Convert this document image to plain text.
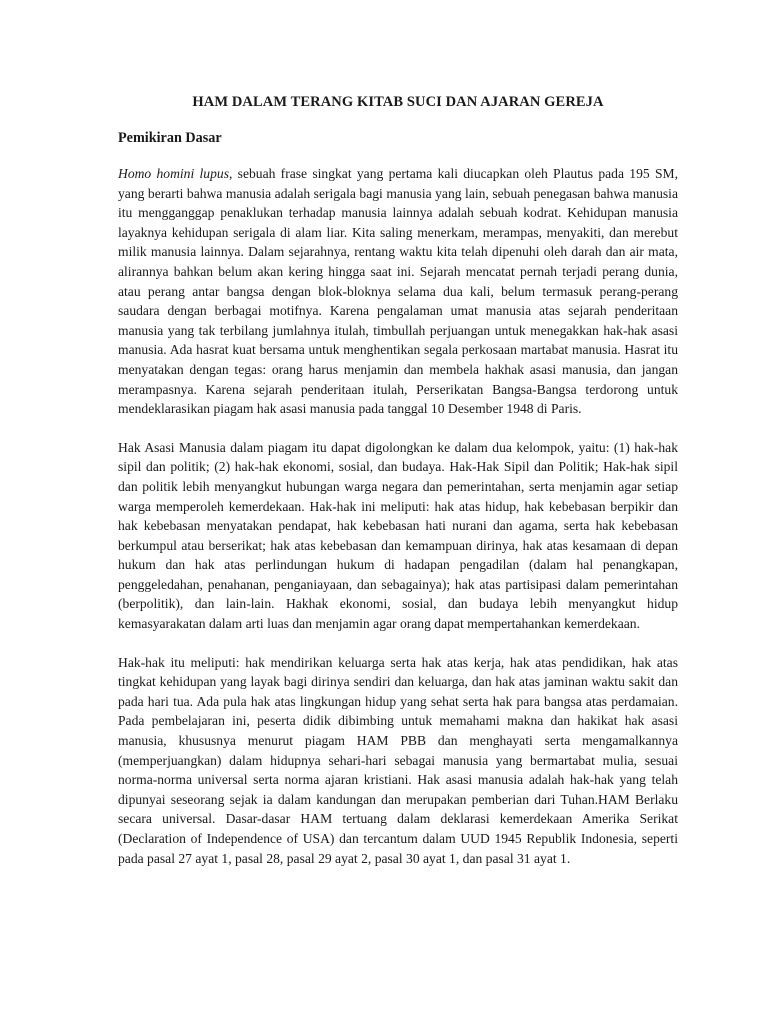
HAM DALAM TERANG KITAB SUCI DAN AJARAN GEREJA
Pemikiran Dasar

Homo homini lupus, sebuah frase singkat yang pertama kali diucapkan oleh Plautus pada 195 SM, yang berarti bahwa manusia adalah serigala bagi manusia yang lain, sebuah penegasan bahwa manusia itu mengganggap penaklukan terhadap manusia lainnya adalah sebuah kodrat. Kehidupan manusia layaknya kehidupan serigala di alam liar. Kita saling menerkam, merampas, menyakiti, dan merebut milik manusia lainnya. Dalam sejarahnya, rentang waktu kita telah dipenuhi oleh darah dan air mata, alirannya bahkan belum akan kering hingga saat ini. Sejarah mencatat pernah terjadi perang dunia, atau perang antar bangsa dengan blok-bloknya selama dua kali, belum termasuk perang-perang saudara dengan berbagai motifnya. Karena pengalaman umat manusia atas sejarah penderitaan manusia yang tak terbilang jumlahnya itulah, timbullah perjuangan untuk menegakkan hak-hak asasi manusia. Ada hasrat kuat bersama untuk menghentikan segala perkosaan martabat manusia. Hasrat itu menyatakan dengan tegas: orang harus menjamin dan membela hakhak asasi manusia, dan jangan merampasnya. Karena sejarah penderitaan itulah, Perserikatan Bangsa-Bangsa terdorong untuk mendeklarasikan piagam hak asasi manusia pada tanggal 10 Desember 1948 di Paris.

Hak Asasi Manusia dalam piagam itu dapat digolongkan ke dalam dua kelompok, yaitu: (1) hak-hak sipil dan politik; (2) hak-hak ekonomi, sosial, dan budaya. Hak-Hak Sipil dan Politik; Hak-hak sipil dan politik lebih menyangkut hubungan warga negara dan pemerintahan, serta menjamin agar setiap warga memperoleh kemerdekaan. Hak-hak ini meliputi: hak atas hidup, hak kebebasan berpikir dan hak kebebasan menyatakan pendapat, hak kebebasan hati nurani dan agama, serta hak kebebasan berkumpul atau berserikat; hak atas kebebasan dan kemampuan dirinya, hak atas kesamaan di depan hukum dan hak atas perlindungan hukum di hadapan pengadilan (dalam hal penangkapan, penggeledahan, penahanan, penganiayaan, dan sebagainya); hak atas partisipasi dalam pemerintahan (berpolitik), dan lain-lain. Hakhak ekonomi, sosial, dan budaya lebih menyangkut hidup kemasyarakatan dalam arti luas dan menjamin agar orang dapat mempertahankan kemerdekaan.

Hak-hak itu meliputi: hak mendirikan keluarga serta hak atas kerja, hak atas pendidikan, hak atas tingkat kehidupan yang layak bagi dirinya sendiri dan keluarga, dan hak atas jaminan waktu sakit dan pada hari tua. Ada pula hak atas lingkungan hidup yang sehat serta hak para bangsa atas perdamaian. Pada pembelajaran ini, peserta didik dibimbing untuk memahami makna dan hakikat hak asasi manusia, khususnya menurut piagam HAM PBB dan menghayati serta mengamalkannya (memperjuangkan) dalam hidupnya sehari-hari sebagai manusia yang bermartabat mulia, sesuai norma-norma universal serta norma ajaran kristiani. Hak asasi manusia adalah hak-hak yang telah dipunyai seseorang sejak ia dalam kandungan dan merupakan pemberian dari Tuhan.HAM Berlaku secara universal. Dasar-dasar HAM tertuang dalam deklarasi kemerdekaan Amerika Serikat (Declaration of Independence of USA) dan tercantum dalam UUD 1945 Republik Indonesia, seperti pada pasal 27 ayat 1, pasal 28, pasal 29 ayat 2, pasal 30 ayat 1, dan pasal 31 ayat 1.
